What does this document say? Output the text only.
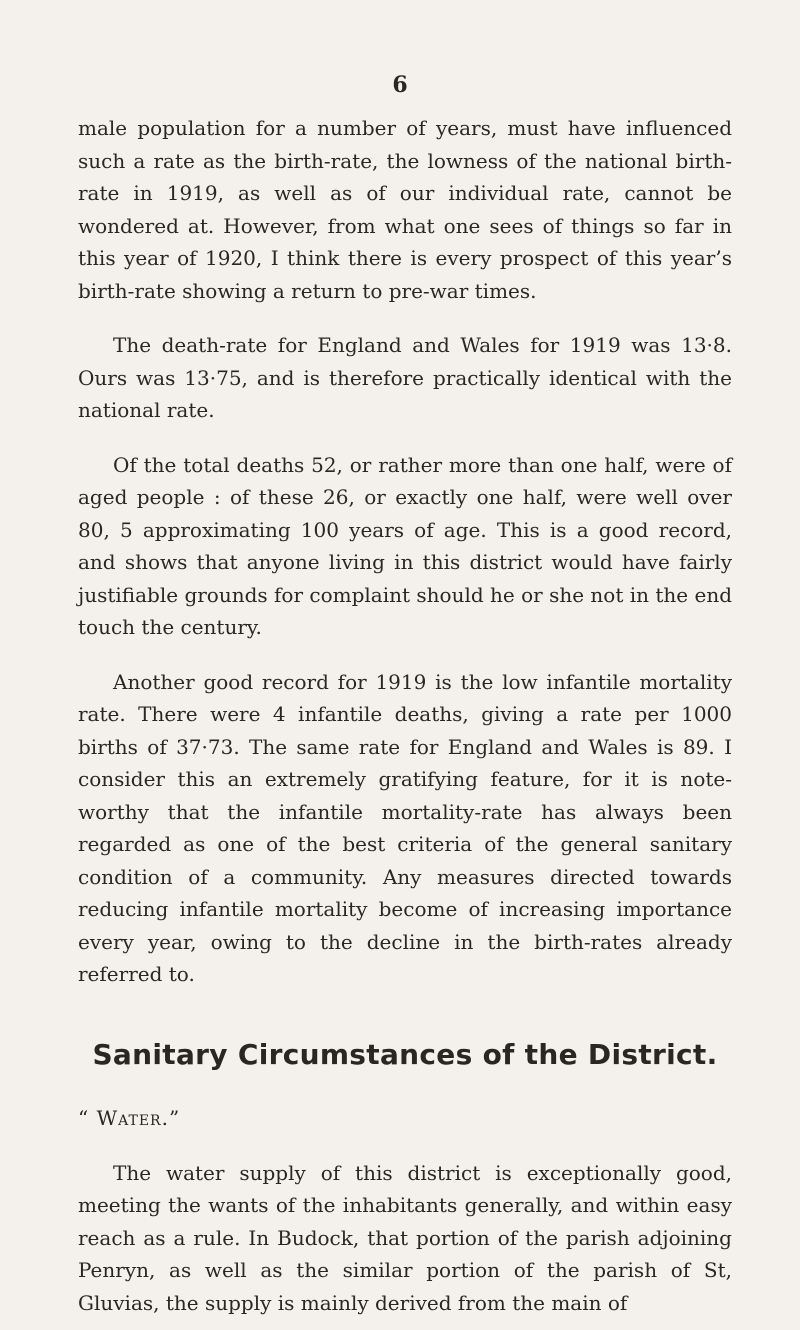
6

male population for a number of years, must have influenced such a rate as the birth-rate, the lowness of the national birth-rate in 1919, as well as of our individual rate, cannot be wondered at. However, from what one sees of things so far in this year of 1920, I think there is every prospect of this year’s birth-rate showing a return to pre-war times.

The death-rate for England and Wales for 1919 was 13·8. Ours was 13·75, and is therefore practically identical with the national rate.

Of the total deaths 52, or rather more than one half, were of aged people : of these 26, or exactly one half, were well over 80, 5 approximating 100 years of age. This is a good record, and shows that anyone living in this district would have fairly justifiable grounds for complaint should he or she not in the end touch the century.

Another good record for 1919 is the low infantile mortality rate. There were 4 infantile deaths, giving a rate per 1000 births of 37·73. The same rate for England and Wales is 89. I consider this an extremely gratifying feature, for it is note-worthy that the infantile mortality-rate has always been regarded as one of the best criteria of the general sanitary condition of a community. Any measures directed towards reducing infantile mortality become of increasing importance every year, owing to the decline in the birth-rates already referred to.

Sanitary Circumstances of the District.
“ Water.”

The water supply of this district is exceptionally good, meeting the wants of the inhabitants generally, and within easy reach as a rule. In Budock, that portion of the parish adjoining Penryn, as well as the similar portion of the parish of St, Gluvias, the supply is mainly derived from the main of
